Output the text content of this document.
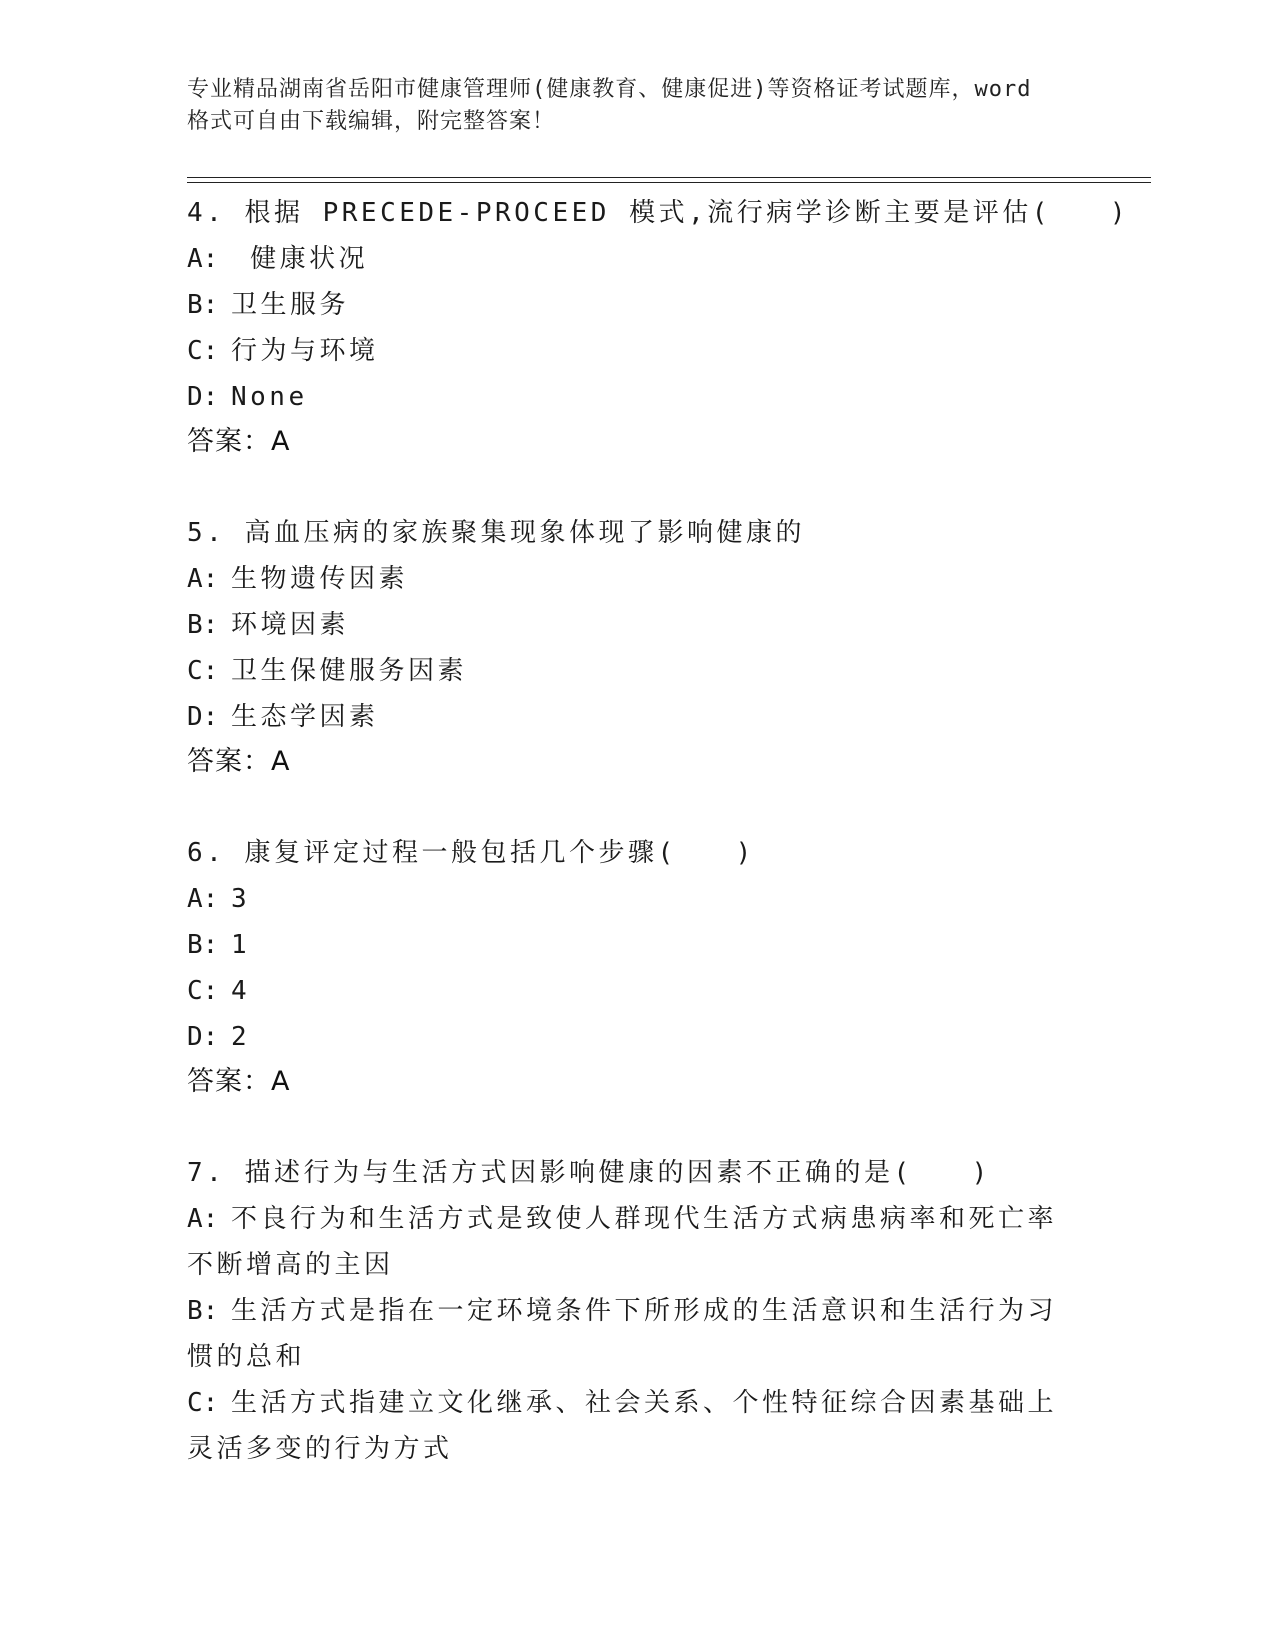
专业精品湖南省岳阳市健康管理师(健康教育、健康促进)等资格证考试题库，word
格式可自由下载编辑，附完整答案！
4. 根据 PRECEDE-PROCEED 模式,流行病学诊断主要是评估(　　)
A: 健康状况
B: 卫生服务
C: 行为与环境
D: None
答案：A
5. 高血压病的家族聚集现象体现了影响健康的
A: 生物遗传因素
B: 环境因素
C: 卫生保健服务因素
D: 生态学因素
答案：A
6. 康复评定过程一般包括几个步骤(　　)
A: 3
B: 1
C: 4
D: 2
答案：A
7. 描述行为与生活方式因影响健康的因素不正确的是(　　)
A: 不良行为和生活方式是致使人群现代生活方式病患病率和死亡率不断增高的主因
B: 生活方式是指在一定环境条件下所形成的生活意识和生活行为习惯的总和
C: 生活方式指建立文化继承、社会关系、个性特征综合因素基础上灵活多变的行为方式
